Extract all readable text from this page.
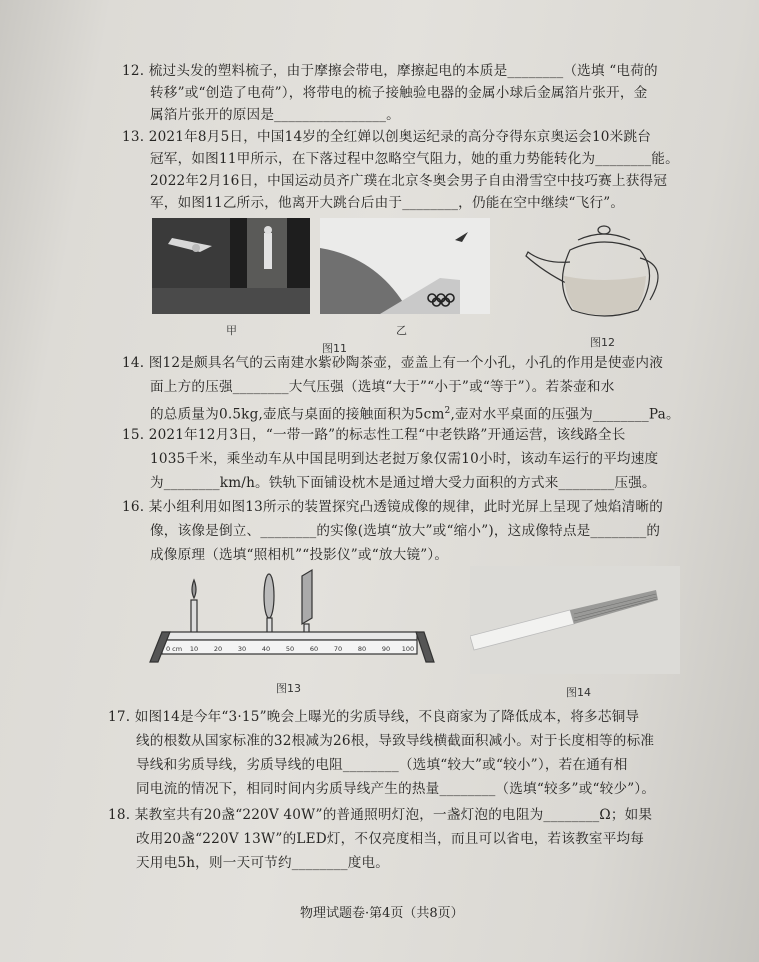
12. 梳过头发的塑料梳子，由于摩擦会带电，摩擦起电的本质是________（选填 “电荷的
转移”或“创造了电荷”），将带电的梳子接触验电器的金属小球后金属箔片张开，金
属箔片张开的原因是________________。
13. 2021年8月5日，中国14岁的全红婵以创奥运纪录的高分夺得东京奥运会10米跳台
冠军，如图11甲所示，在下落过程中忽略空气阻力，她的重力势能转化为________能。
2022年2月16日，中国运动员齐广璞在北京冬奥会男子自由滑雪空中技巧赛上获得冠
军，如图11乙所示，他离开大跳台后由于________，仍能在空中继续“飞行”。
甲	乙
图11	图12
14. 图12是颇具名气的云南建水紫砂陶茶壶，壶盖上有一个小孔，小孔的作用是使壶内液
面上方的压强________大气压强（选填“大于”“小于”或“等于”）。若茶壶和水
的总质量为0.5kg,壶底与桌面的接触面积为$5cm^2$,壶对水平桌面的压强为________Pa。
15. 2021年12月3日，“一带一路”的标志性工程“中老铁路”开通运营，该线路全长
1035千米，乘坐动车从中国昆明到达老挝万象仅需10小时，该动车运行的平均速度
为________km/h。铁轨下面铺设枕木是通过增大受力面积的方式来________压强。
16. 某小组利用如图13所示的装置探究凸透镜成像的规律，此时光屏上呈现了烛焰清晰的
像，该像是倒立、________的实像(选填“放大”或“缩小”)，这成像特点是________的
成像原理（选填“照相机”“投影仪”或“放大镜”）。
0 cm 10 20 30 40 50 60 70 80 90 100
图13	图14
17. 如图14是今年“3·15”晚会上曝光的劣质导线，不良商家为了降低成本，将多芯铜导
线的根数从国家标准的32根减为26根，导致导线横截面积减小。对于长度相等的标准
导线和劣质导线，劣质导线的电阻________（选填“较大”或“较小”），若在通有相
同电流的情况下，相同时间内劣质导线产生的热量________（选填“较多”或“较少”）。
18. 某教室共有20盏“220V 40W”的普通照明灯泡，一盏灯泡的电阻为________Ω；如果
改用20盏“220V 13W”的LED灯，不仅亮度相当，而且可以省电，若该教室平均每
天用电5h，则一天可节约________度电。
物理试题卷·第4页（共8页）
